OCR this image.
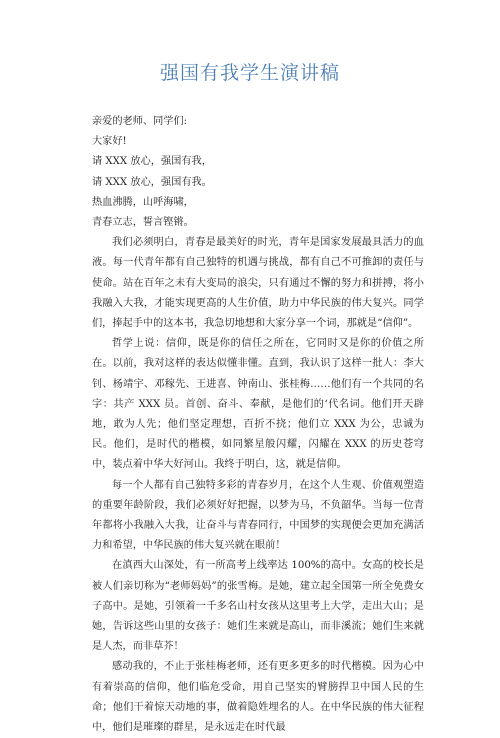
强国有我学生演讲稿

亲爱的老师、同学们:

大家好!

请 XXX 放心，强国有我，

请 XXX 放心，强国有我。

热血沸腾，山呼海啸，

青春立志，誓言铿锵。

我们必须明白，青春是最美好的时光，青年是国家发展最具活力的血液。每一代青年都有自己独特的机遇与挑战，都有自己不可推卸的责任与使命。站在百年之未有大变局的浪尖，只有通过不懈的努力和拼搏，将小我融入大我，才能实现更高的人生价值，助力中华民族的伟大复兴。同学们，捧起手中的这本书，我急切地想和大家分享一个词，那就是“信仰”。

哲学上说：信仰，既是你的信任之所在，它同时又是你的价值之所在。以前，我对这样的表达似懂非懂。直到，我认识了这样一批人：李大钊、杨靖宇、邓稼先、王进喜、钟南山、张桂梅……他们有一个共同的名字：共产 XXX 员。首创、奋斗、奉献，是他们的‘代名词。他们开天辟地，敢为人先；他们坚定理想，百折不挠；他们立 XXX 为公，忠诚为民。他们，是时代的楷模，如同繁星般闪耀，闪耀在 XXX 的历史苍穹中，装点着中华大好河山。我终于明白，这，就是信仰。

每一个人都有自己独特多彩的青春岁月，在这个人生观、价值观塑造的重要年龄阶段，我们必须好好把握，以梦为马，不负韶华。当每一位青年都将小我融入大我，让奋斗与青春同行，中国梦的实现便会更加充满活力和希望，中华民族的伟大复兴就在眼前！

在滇西大山深处，有一所高考上线率达 100%的高中。女高的校长是被人们亲切称为“老师妈妈”的张雪梅。是她，建立起全国第一所全免费女子高中。是她，引领着一千多名山村女孩从这里考上大学，走出大山；是她，告诉这些山里的女孩子：她们生来就是高山，而非溪流；她们生来就是人杰，而非草芥！

感动我的，不止于张桂梅老师，还有更多更多的时代楷模。因为心中有着崇高的信仰，他们临危受命，用自己坚实的臂膀捍卫中国人民的生命；他们干着惊天动地的事，做着隐姓埋名的人。在中华民族的伟大征程中，他们是璀璨的群星，是永远走在时代最
